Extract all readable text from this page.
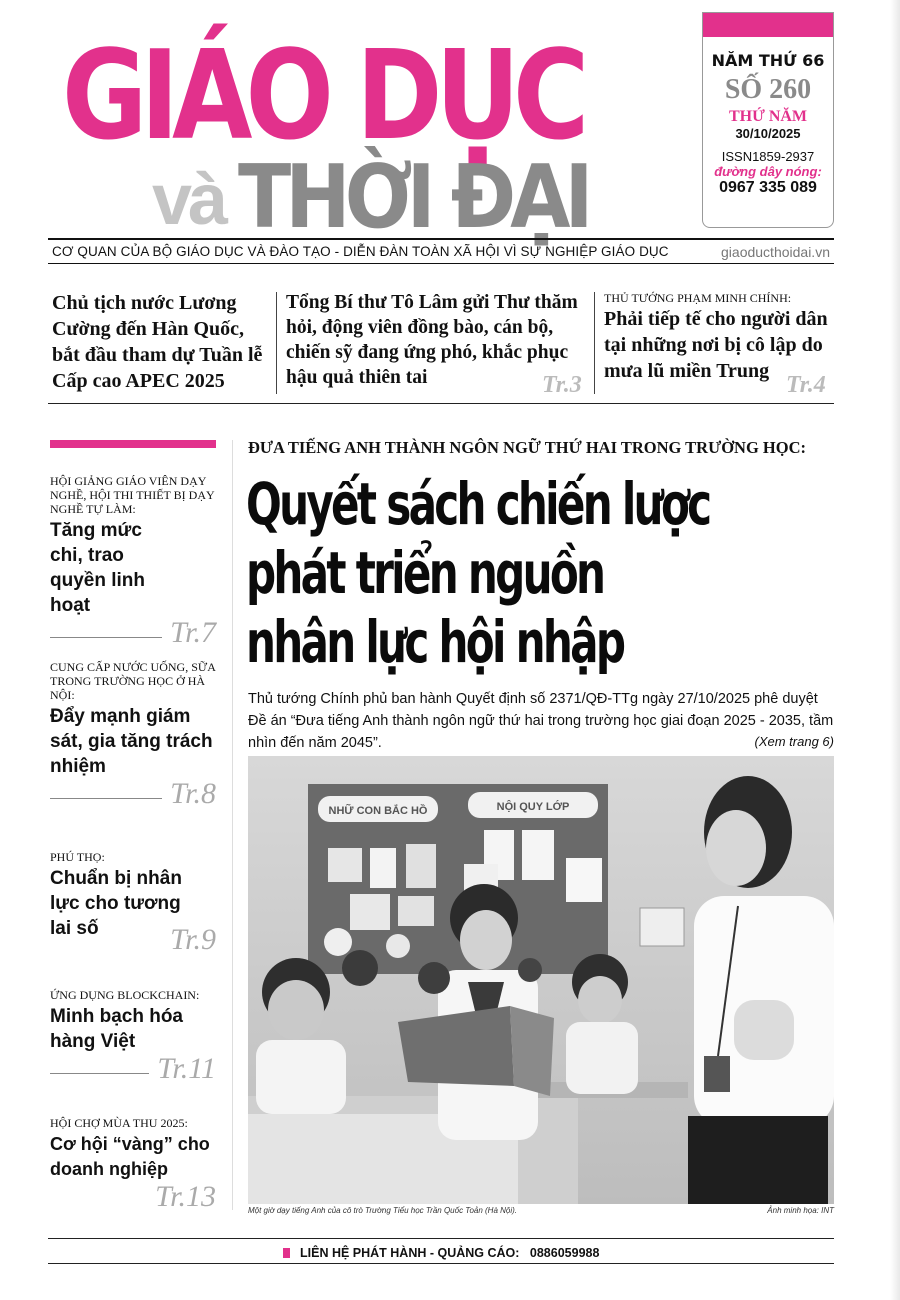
GIÁO DỤC
và THỜI ĐẠI
NĂM THỨ 66
SỐ 260
THỨ NĂM
30/10/2025
ISSN1859-2937
đường dây nóng:
0967 335 089
CƠ QUAN CỦA BỘ GIÁO DỤC VÀ ĐÀO TẠO - DIỄN ĐÀN TOÀN XÃ HỘI VÌ SỰ NGHIỆP GIÁO DỤC	giaoducthoidai.vn
Chủ tịch nước Lương Cường đến Hàn Quốc, bắt đầu tham dự Tuần lễ Cấp cao APEC 2025
Tổng Bí thư Tô Lâm gửi Thư thăm hỏi, động viên đồng bào, cán bộ, chiến sỹ đang ứng phó, khắc phục hậu quả thiên tai	Tr.3
THỦ TƯỚNG PHẠM MINH CHÍNH:
Phải tiếp tế cho người dân tại những nơi bị cô lập do mưa lũ miền Trung
Tr.4
HỘI GIẢNG GIÁO VIÊN DẠY NGHỀ, HỘI THI THIẾT BỊ DẠY NGHỀ TỰ LÀM:
Tăng mức chi, trao quyền linh hoạt
Tr.7
CUNG CẤP NƯỚC UỐNG, SỮA TRONG TRƯỜNG HỌC Ở HÀ NỘI:
Đẩy mạnh giám sát, gia tăng trách nhiệm
Tr.8
PHÚ THỌ:
Chuẩn bị nhân lực cho tương lai số	Tr.9
ỨNG DỤNG BLOCKCHAIN:
Minh bạch hóa hàng Việt
Tr.11
HỘI CHỢ MÙA THU 2025:
Cơ hội “vàng” cho doanh nghiệp
Tr.13
ĐƯA TIẾNG ANH THÀNH NGÔN NGỮ THỨ HAI TRONG TRƯỜNG HỌC:
Quyết sách chiến lược phát triển nguồn nhân lực hội nhập
Thủ tướng Chính phủ ban hành Quyết định số 2371/QĐ-TTg ngày 27/10/2025 phê duyệt Đề án “Đưa tiếng Anh thành ngôn ngữ thứ hai trong trường học giai đoạn 2025 - 2035, tầm nhìn đến năm 2045”.	(Xem trang 6)
NHỮ CON BẮC HỒ	NỘI QUY LỚP
Một giờ dạy tiếng Anh của cô trò Trường Tiểu học Trần Quốc Toản (Hà Nội).	Ảnh minh họa: INT
LIÊN HỆ PHÁT HÀNH - QUẢNG CÁO: 0886059988
